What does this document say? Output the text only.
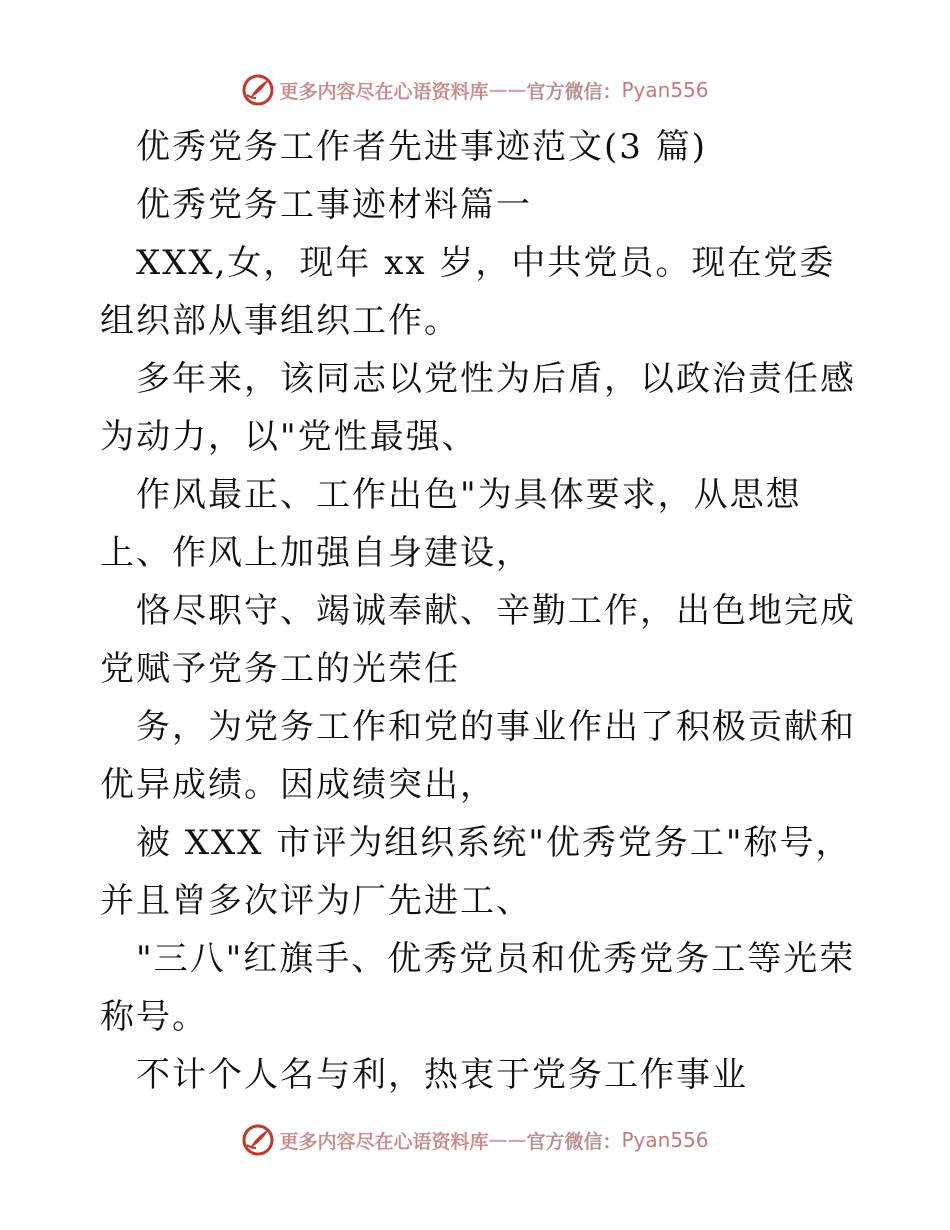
更多内容尽在心语资料库 —— 官方微信： Pyan556

优秀党务工作者先进事迹范文(3 篇)

优秀党务工事迹材料篇一

XXX,女，现年 xx 岁，中共党员。现在党委组织部从事组织工作。

多年来，该同志以党性为后盾，以政治责任感为动力，以"党性最强、

作风最正、工作出色"为具体要求，从思想上、作风上加强自身建设，

恪尽职守、竭诚奉献、辛勤工作，出色地完成党赋予党务工的光荣任

务，为党务工作和党的事业作出了积极贡献和优异成绩。因成绩突出，

被 XXX 市评为组织系统"优秀党务工"称号，并且曾多次评为厂先进工、

"三八"红旗手、优秀党员和优秀党务工等光荣称号。

不计个人名与利，热衷于党务工作事业

更多内容尽在心语资料库 —— 官方微信： Pyan556
